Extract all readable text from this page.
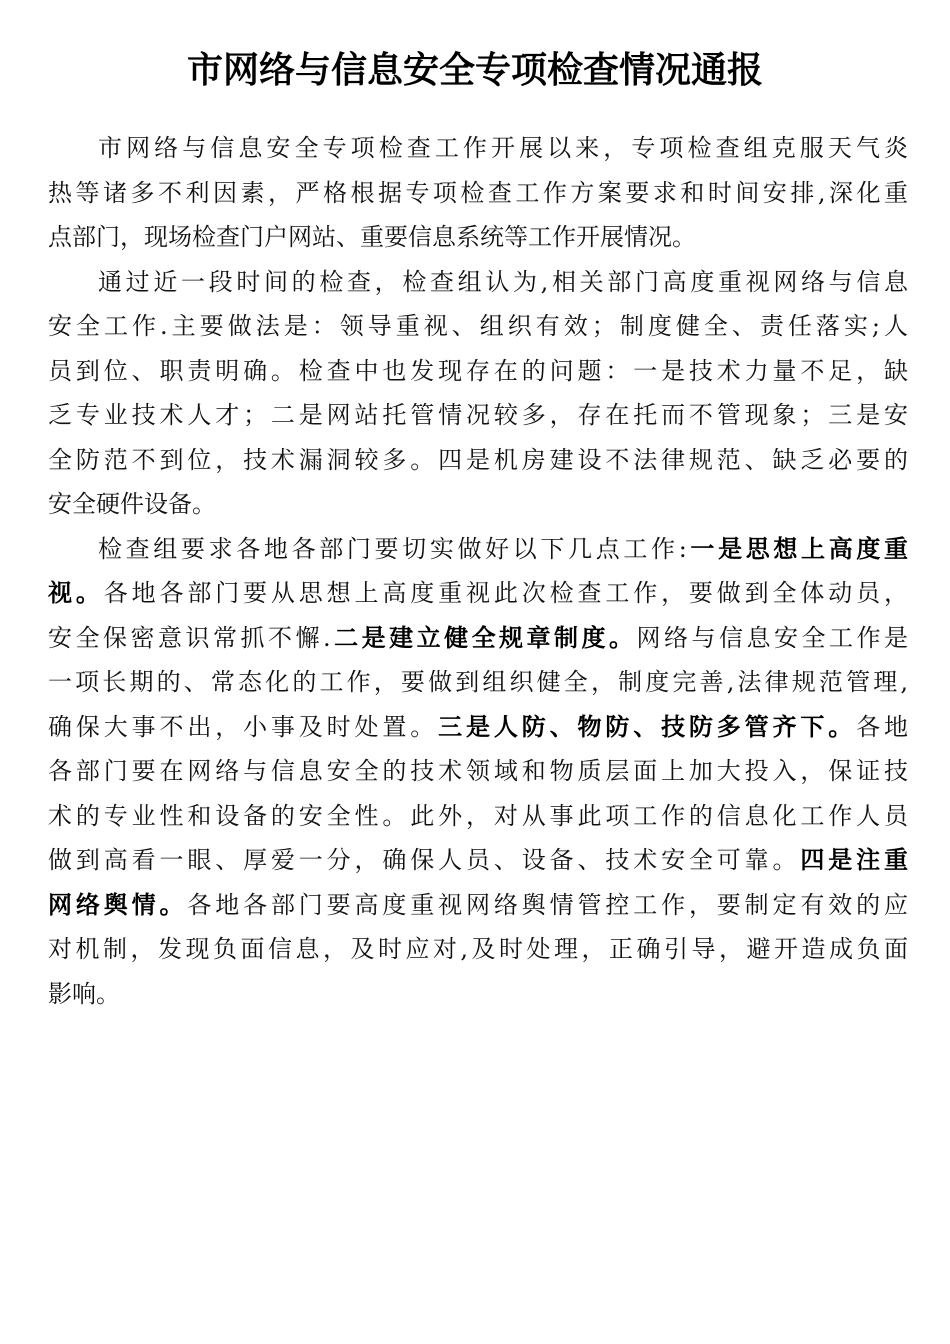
市网络与信息安全专项检查情况通报
市网络与信息安全专项检查工作开展以来，专项检查组克服天气炎
热等诸多不利因素，严格根据专项检查工作方案要求和时间安排,深化重
点部门，现场检查门户网站、重要信息系统等工作开展情况。
通过近一段时间的检查，检查组认为,相关部门高度重视网络与信息
安全工作.主要做法是：领导重视、组织有效；制度健全、责任落实;人
员到位、职责明确。检查中也发现存在的问题：一是技术力量不足，缺
乏专业技术人才；二是网站托管情况较多，存在托而不管现象；三是安
全防范不到位，技术漏洞较多。四是机房建设不法律规范、缺乏必要的
安全硬件设备。
检查组要求各地各部门要切实做好以下几点工作:一是思想上高度重
视。各地各部门要从思想上高度重视此次检查工作，要做到全体动员，
安全保密意识常抓不懈.二是建立健全规章制度。网络与信息安全工作是
一项长期的、常态化的工作，要做到组织健全，制度完善,法律规范管理,
确保大事不出，小事及时处置。三是人防、物防、技防多管齐下。各地
各部门要在网络与信息安全的技术领域和物质层面上加大投入，保证技
术的专业性和设备的安全性。此外，对从事此项工作的信息化工作人员
做到高看一眼、厚爱一分，确保人员、设备、技术安全可靠。四是注重
网络舆情。各地各部门要高度重视网络舆情管控工作，要制定有效的应
对机制，发现负面信息，及时应对,及时处理，正确引导，避开造成负面
影响。
